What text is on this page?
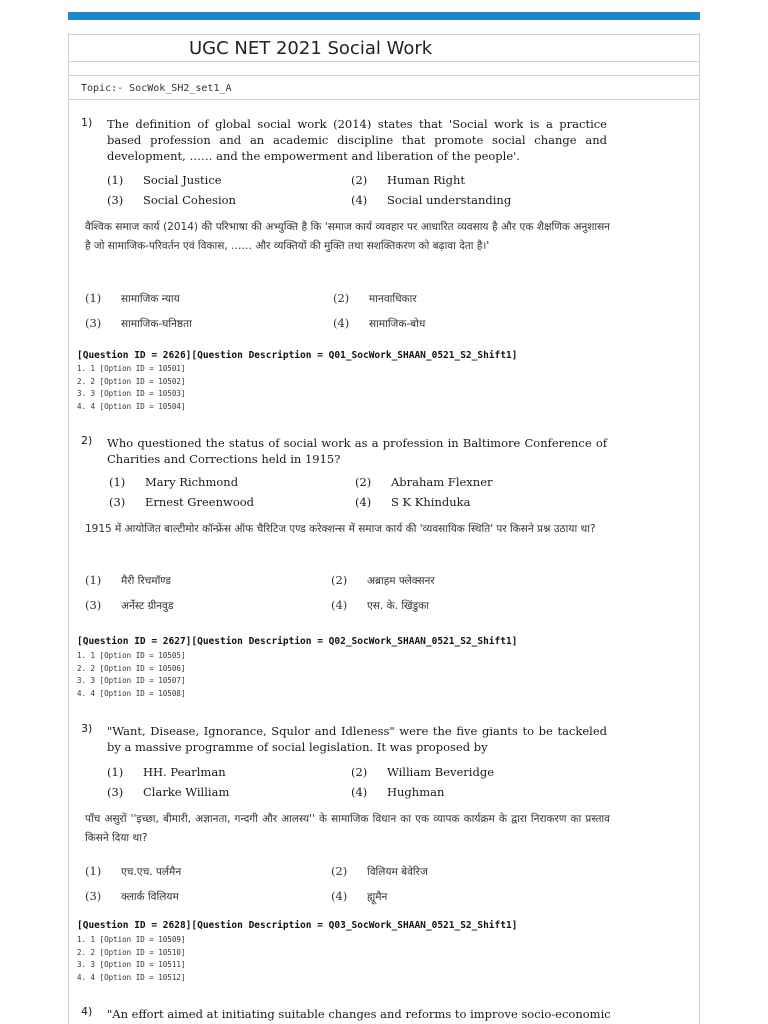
UGC NET 2021 Social Work
Topic:- SocWok_SH2_set1_A
1) The definition of global social work (2014) states that 'Social work is a practice based profession and an academic discipline that promote social change and development, …… and the empowerment and liberation of the people'.
(1) Social Justice	(2) Human Right
(3) Social Cohesion	(4) Social understanding
वैश्विक समाज कार्य (2014) की परिभाषा की अभ्युक्ति है कि 'समाज कार्य व्यवहार पर आधारित व्यवसाय है और एक शैक्षणिक अनुशासन है जो सामाजिक-परिवर्तन एवं विकास, …… और व्यक्तियों की मुक्ति तथा सशक्तिकरण को बढ़ावा देता है।'
(1) सामाजिक न्याय	(2) मानवाधिकार
(3) सामाजिक-घनिष्ठता	(4) सामाजिक-बोध
[Question ID = 2626][Question Description = Q01_SocWork_SHAAN_0521_S2_Shift1]
1. 1 [Option ID = 10501]
2. 2 [Option ID = 10502]
3. 3 [Option ID = 10503]
4. 4 [Option ID = 10504]
2) Who questioned the status of social work as a profession in Baltimore Conference of Charities and Corrections held in 1915?
(1) Mary Richmond	(2) Abraham Flexner
(3) Ernest Greenwood	(4) S K Khinduka
1915 में आयोजित बाल्टीमोर कॉन्फ्रेंस ऑफ चैरिटिज एण्ड करेक्शन्स में समाज कार्य की 'व्यवसायिक स्थिति' पर किसने प्रश्न उठाया था?
(1) मैरी रिचमॉण्ड	(2) अब्राहम फ्लेक्सनर
(3) अर्नेस्ट ग्रीनवुड	(4) एस. के. खिंडुका
[Question ID = 2627][Question Description = Q02_SocWork_SHAAN_0521_S2_Shift1]
1. 1 [Option ID = 10505]
2. 2 [Option ID = 10506]
3. 3 [Option ID = 10507]
4. 4 [Option ID = 10508]
3) "Want, Disease, Ignorance, Squlor and Idleness" were the five giants to be tackeled by a massive programme of social legislation. It was proposed by
(1) HH. Pearlman	(2) William Beveridge
(3) Clarke William	(4) Hughman
पाँच असुरों ''इच्छा, बीमारी, अज्ञानता, गन्दगी और आलस्य'' के सामाजिक विधान का एक व्यापक कार्यक्रम के द्वारा निराकरण का प्रस्ताव किसने दिया था?
(1) एच.एच. पर्लमैन	(2) विलियम बेवेरिज
(3) क्लार्क विलियम	(4) ह्यूमैन
[Question ID = 2628][Question Description = Q03_SocWork_SHAAN_0521_S2_Shift1]
1. 1 [Option ID = 10509]
2. 2 [Option ID = 10510]
3. 3 [Option ID = 10511]
4. 4 [Option ID = 10512]
4) "An effort aimed at initiating suitable changes and reforms to improve socio-economic
